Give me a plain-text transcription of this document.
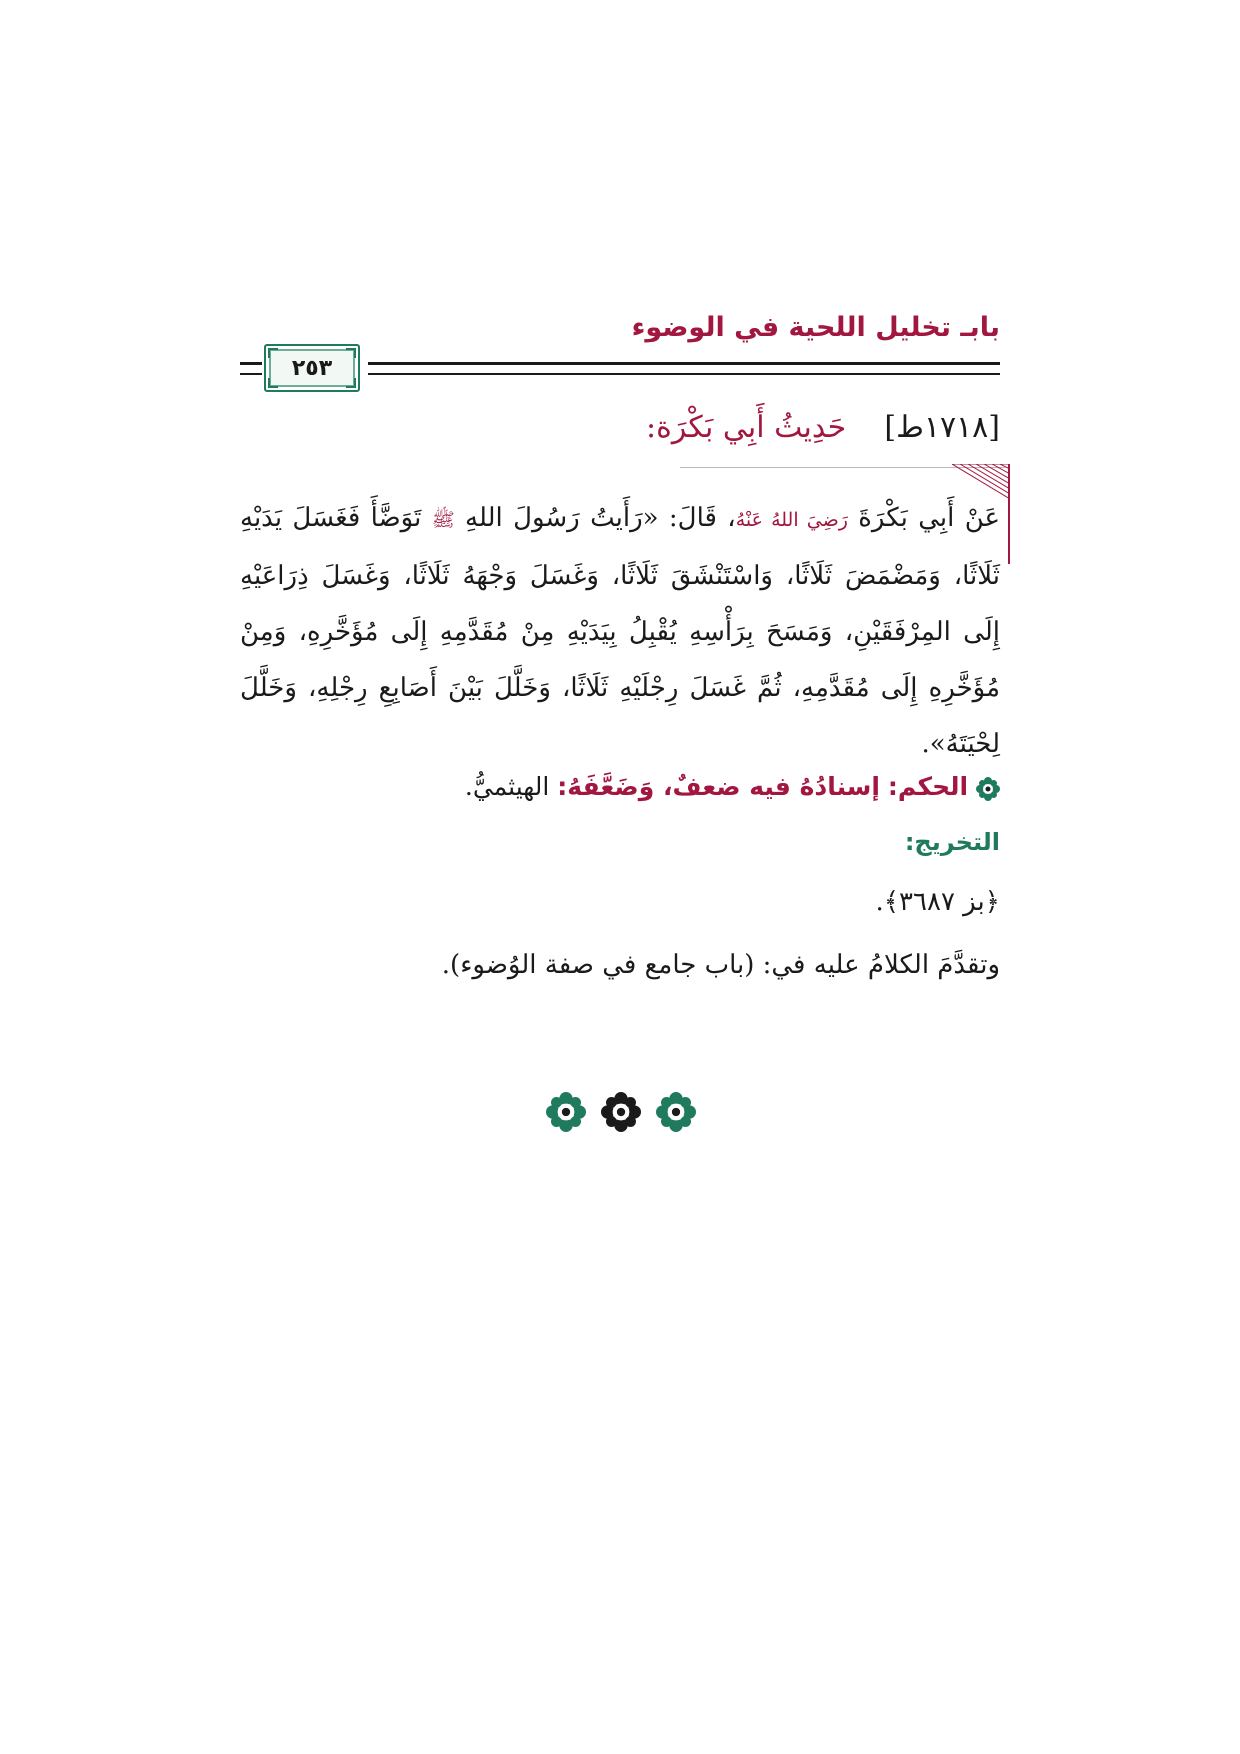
بابـ تخليل اللحية في الوضوء
٢٥٣
[١٧١٨ط]    حَدِيثُ أَبِي بَكْرَة:
عَنْ أَبِي بَكْرَةَ رَضِيَ اللهُ عَنْهُ، قَالَ: «رَأَيتُ رَسُولَ اللهِ ﷺ تَوَضَّأَ فَغَسَلَ يَدَيْهِ ثَلَاثًا، وَمَضْمَضَ ثَلَاثًا، وَاسْتَنْشَقَ ثَلَاثًا، وَغَسَلَ وَجْهَهُ ثَلَاثًا، وَغَسَلَ ذِرَاعَيْهِ إِلَى المِرْفَقَيْنِ، وَمَسَحَ بِرَأْسِهِ يُقْبِلُ بِيَدَيْهِ مِنْ مُقَدَّمِهِ إِلَى مُؤَخَّرِهِ، وَمِنْ مُؤَخَّرِهِ إِلَى مُقَدَّمِهِ، ثُمَّ غَسَلَ رِجْلَيْهِ ثَلَاثًا، وَخَلَّلَ بَيْنَ أَصَابِعِ رِجْلِهِ، وَخَلَّلَ لِحْيَتَهُ».
الحكم: إسنادُهُ فيه ضعفٌ، وَضَعَّفَهُ: الهيثميُّ.
التخريج:
﴿بز ٣٦٨٧﴾.
وتقدَّمَ الكلامُ عليه في: (باب جامع في صفة الوُضوء).
